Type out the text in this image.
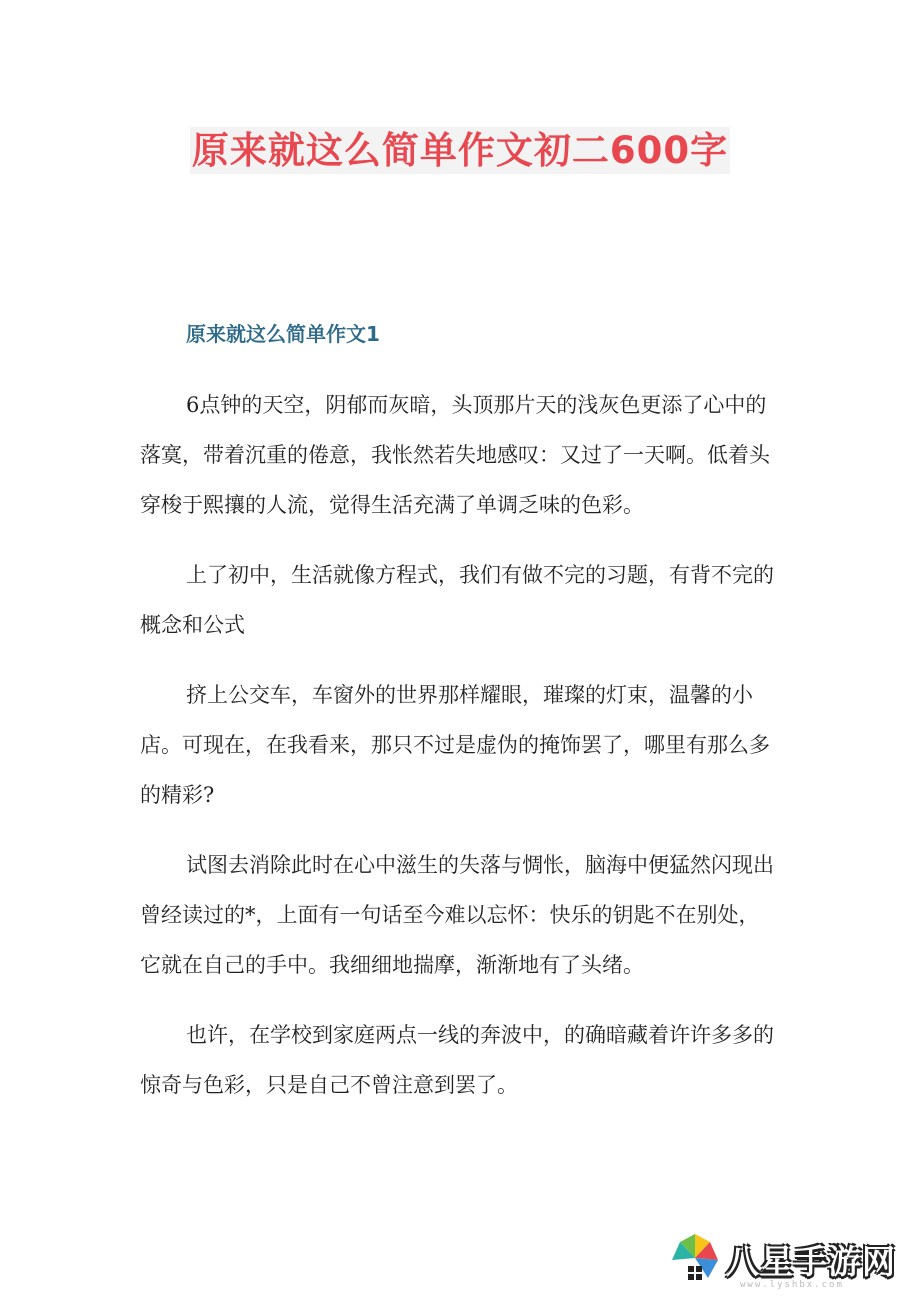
原来就这么简单作文初二600字
原来就这么简单作文1

6点钟的天空，阴郁而灰暗，头顶那片天的浅灰色更添了心中的落寞，带着沉重的倦意，我怅然若失地感叹：又过了一天啊。低着头穿梭于熙攘的人流，觉得生活充满了单调乏味的色彩。

上了初中，生活就像方程式，我们有做不完的习题，有背不完的概念和公式

挤上公交车，车窗外的世界那样耀眼，璀璨的灯束，温馨的小店。可现在，在我看来，那只不过是虚伪的掩饰罢了，哪里有那么多的精彩?

试图去消除此时在心中滋生的失落与惆怅，脑海中便猛然闪现出曾经读过的*，上面有一句话至今难以忘怀：快乐的钥匙不在别处，它就在自己的手中。我细细地揣摩，渐渐地有了头绪。

也许，在学校到家庭两点一线的奔波中，的确暗藏着许许多多的惊奇与色彩，只是自己不曾注意到罢了。

八星手游网
www.lyshbx.com
